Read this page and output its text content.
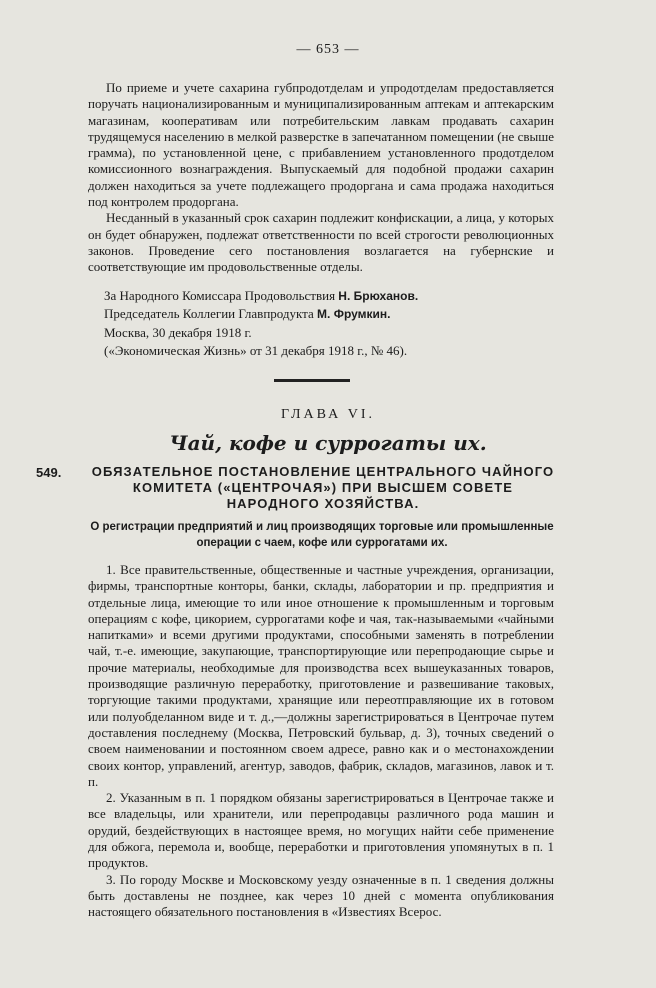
— 653 —

По приеме и учете сахарина губпродотделам и упродотделам предоставляется поручать национализированным и муниципализированным аптекам и аптекарским магазинам, кооперативам или потребительским лавкам продавать сахарин трудящемуся населению в мелкой разверстке в запечатанном помещении (не свыше грамма), по установленной цене, с прибавлением установленного продотделом комиссионного вознаграждения. Выпускаемый для подобной продажи сахарин должен находиться за учете подлежащего продоргана и сама продажа находиться под контролем продоргана.

Несданный в указанный срок сахарин подлежит конфискации, а лица, у которых он будет обнаружен, подлежат ответственности по всей строгости революционных законов. Проведение сего постановления возлагается на губернские и соответствующие им продовольственные отделы.

За Народного Комиссара Продовольствия Н. Брюханов.
Председатель Коллегии Главпродукта М. Фрумкин.
Москва, 30 декабря 1918 г.
(«Экономическая Жизнь» от 31 декабря 1918 г., № 46).
ГЛАВА VI.
Чай, кофе и суррогаты их.
549. ОБЯЗАТЕЛЬНОЕ ПОСТАНОВЛЕНИЕ ЦЕНТРАЛЬНОГО ЧАЙНОГО КОМИТЕТА («ЦЕНТРОЧАЯ») ПРИ ВЫСШЕМ СОВЕТЕ НАРОДНОГО ХОЗЯЙСТВА.
О регистрации предприятий и лиц производящих торговые или промышленные операции с чаем, кофе или суррогатами их.

1. Все правительственные, общественные и частные учреждения, организации, фирмы, транспортные конторы, банки, склады, лаборатории и пр. предприятия и отдельные лица, имеющие то или иное отношение к промышленным и торговым операциям с кофе, цикорием, суррогатами кофе и чая, так-называемыми «чайными напитками» и всеми другими продуктами, способными заменять в потреблении чай, т.-е. имеющие, закупающие, транспортирующие или перепродающие сырье и прочие материалы, необходимые для производства всех вышеуказанных товаров, производящие различную переработку, приготовление и развешивание таковых, торгующие такими продуктами, хранящие или переотправляющие их в готовом или полуобделанном виде и т. д.,—должны зарегистрироваться в Центрочае путем доставления последнему (Москва, Петровский бульвар, д. 3), точных сведений о своем наименовании и постоянном своем адресе, равно как и о местонахождении своих контор, управлений, агентур, заводов, фабрик, складов, магазинов, лавок и т. п.

2. Указанным в п. 1 порядком обязаны зарегистрироваться в Центрочае также и все владельцы, или хранители, или перепродавцы различного рода машин и орудий, бездействующих в настоящее время, но могущих найти себе применение для обжога, перемола и, вообще, переработки и приготовления упомянутых в п. 1 продуктов.

3. По городу Москве и Московскому уезду означенные в п. 1 сведения должны быть доставлены не позднее, как через 10 дней с момента опубликования настоящего обязательного постановления в «Известиях Всерос.
